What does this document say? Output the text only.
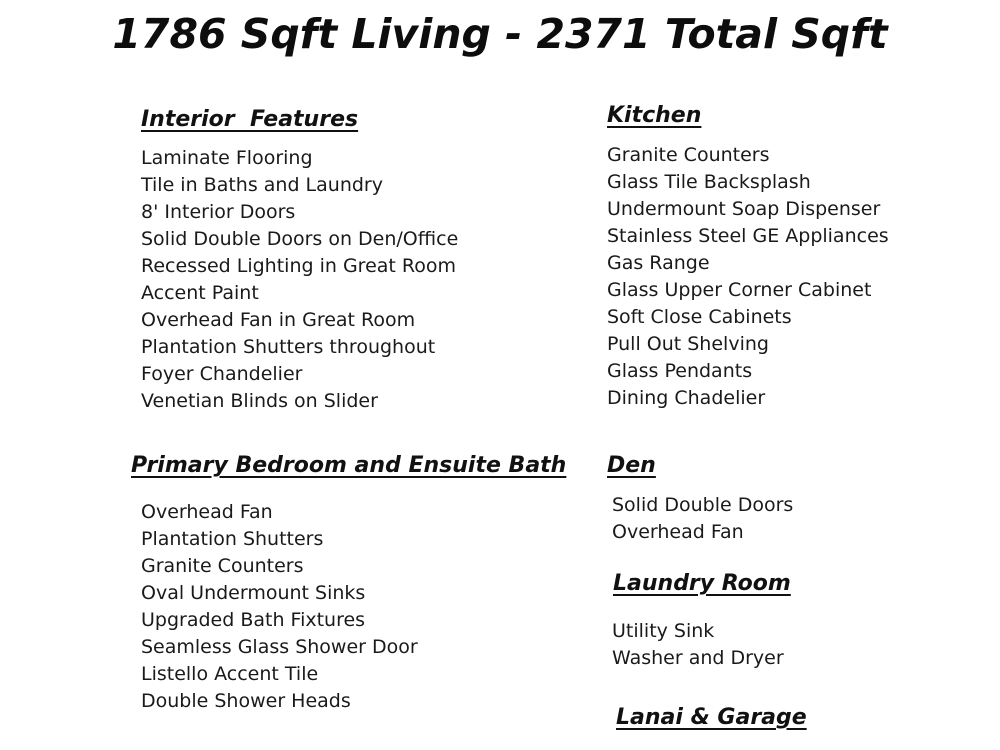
1786 Sqft Living - 2371 Total Sqft
Interior  Features
Laminate Flooring
Tile in Baths and Laundry
8' Interior Doors
Solid Double Doors on Den/Office
Recessed Lighting in Great Room
Accent Paint
Overhead Fan in Great Room
Plantation Shutters throughout
Foyer Chandelier
Venetian Blinds on Slider
Kitchen
Granite Counters
Glass Tile Backsplash
Undermount Soap Dispenser
Stainless Steel GE Appliances
Gas Range
Glass Upper Corner Cabinet
Soft Close Cabinets
Pull Out Shelving
Glass Pendants
Dining Chadelier
Primary Bedroom and Ensuite Bath
Overhead Fan
Plantation Shutters
Granite Counters
Oval Undermount Sinks
Upgraded Bath Fixtures
Seamless Glass Shower Door
Listello Accent Tile
Double Shower Heads
Den
Solid Double Doors
Overhead Fan
Laundry Room
Utility Sink
Washer and Dryer
Lanai & Garage
